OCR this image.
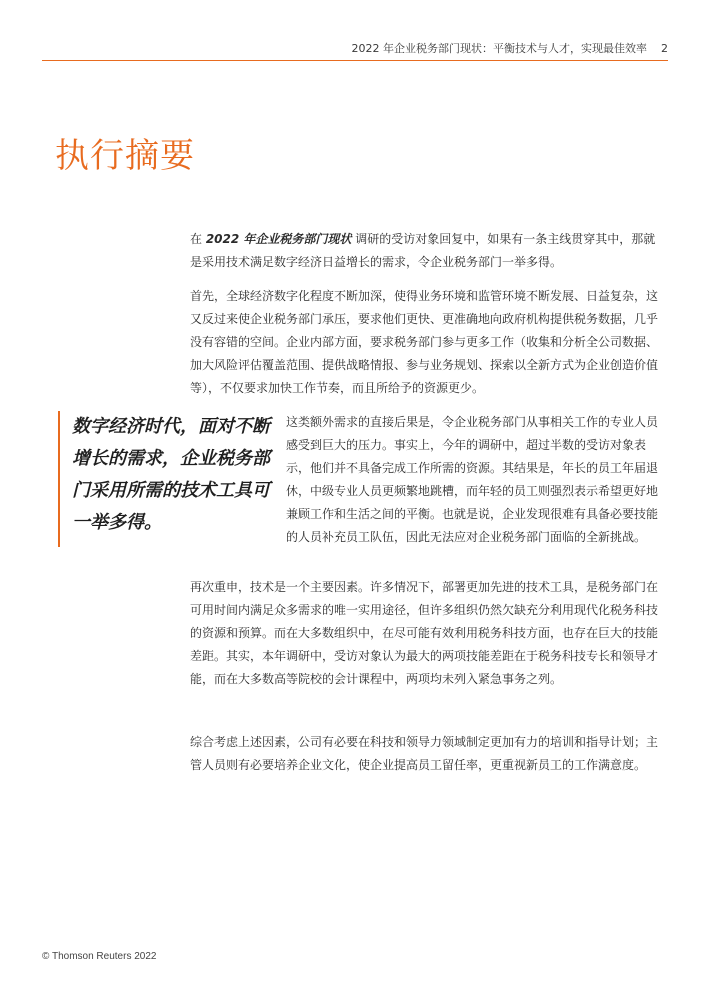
2022 年企业税务部门现状：平衡技术与人才，实现最佳效率 2
执行摘要

在 2022 年企业税务部门现状 调研的受访对象回复中，如果有一条主线贯穿其中，那就是采用技术满足数字经济日益增长的需求，令企业税务部门一举多得。

首先，全球经济数字化程度不断加深，使得业务环境和监管环境不断发展、日益复杂，这又反过来使企业税务部门承压，要求他们更快、更准确地向政府机构提供税务数据，几乎没有容错的空间。企业内部方面，要求税务部门参与更多工作（收集和分析全公司数据、加大风险评估覆盖范围、提供战略情报、参与业务规划、探索以全新方式为企业创造价值等），不仅要求加快工作节奏，而且所给予的资源更少。

数字经济时代，面对不断增长的需求，企业税务部门采用所需的技术工具可一举多得。

这类额外需求的直接后果是，令企业税务部门从事相关工作的专业人员感受到巨大的压力。事实上，今年的调研中，超过半数的受访对象表示，他们并不具备完成工作所需的资源。其结果是，年长的员工年届退休，中级专业人员更频繁地跳槽，而年轻的员工则强烈表示希望更好地兼顾工作和生活之间的平衡。也就是说，企业发现很难有具备必要技能的人员补充员工队伍，因此无法应对企业税务部门面临的全新挑战。

再次重申，技术是一个主要因素。许多情况下，部署更加先进的技术工具，是税务部门在可用时间内满足众多需求的唯一实用途径，但许多组织仍然欠缺充分利用现代化税务科技的资源和预算。而在大多数组织中，在尽可能有效利用税务科技方面，也存在巨大的技能差距。其实，本年调研中，受访对象认为最大的两项技能差距在于税务科技专长和领导才能，而在大多数高等院校的会计课程中，两项均未列入紧急事务之列。

综合考虑上述因素，公司有必要在科技和领导力领域制定更加有力的培训和指导计划；主管人员则有必要培养企业文化，使企业提高员工留任率，更重视新员工的工作满意度。

© Thomson Reuters 2022
